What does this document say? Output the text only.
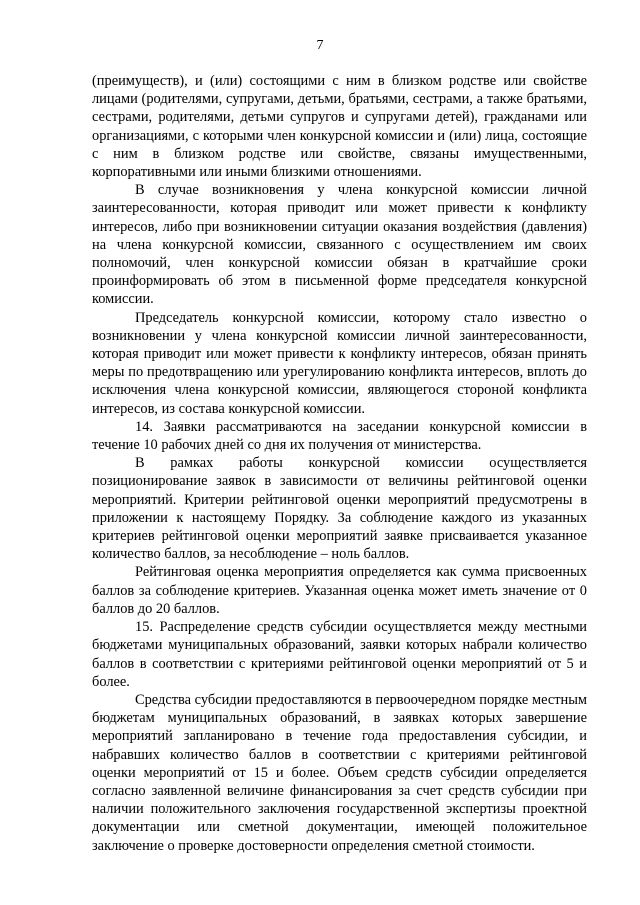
7

(преимуществ), и (или) состоящими с ним в близком родстве или свойстве лицами (родителями, супругами, детьми, братьями, сестрами, а также братьями, сестрами, родителями, детьми супругов и супругами детей), гражданами или организациями, с которыми член конкурсной комиссии и (или) лица, состоящие с ним в близком родстве или свойстве, связаны имущественными, корпоративными или иными близкими отношениями.

В случае возникновения у члена конкурсной комиссии личной заинтересованности, которая приводит или может привести к конфликту интересов, либо при возникновении ситуации оказания воздействия (давления) на члена конкурсной комиссии, связанного с осуществлением им своих полномочий, член конкурсной комиссии обязан в кратчайшие сроки проинформировать об этом в письменной форме председателя конкурсной комиссии.

Председатель конкурсной комиссии, которому стало известно о возникновении у члена конкурсной комиссии личной заинтересованности, которая приводит или может привести к конфликту интересов, обязан принять меры по предотвращению или урегулированию конфликта интересов, вплоть до исключения члена конкурсной комиссии, являющегося стороной конфликта интересов, из состава конкурсной комиссии.

14. Заявки рассматриваются на заседании конкурсной комиссии в течение 10 рабочих дней со дня их получения от министерства.

В рамках работы конкурсной комиссии осуществляется позиционирование заявок в зависимости от величины рейтинговой оценки мероприятий. Критерии рейтинговой оценки мероприятий предусмотрены в приложении к настоящему Порядку. За соблюдение каждого из указанных критериев рейтинговой оценки мероприятий заявке присваивается указанное количество баллов, за несоблюдение – ноль баллов.

Рейтинговая оценка мероприятия определяется как сумма присвоенных баллов за соблюдение критериев. Указанная оценка может иметь значение от 0 баллов до 20 баллов.

15. Распределение средств субсидии осуществляется между местными бюджетами муниципальных образований, заявки которых набрали количество баллов в соответствии с критериями рейтинговой оценки мероприятий от 5 и более.

Средства субсидии предоставляются в первоочередном порядке местным бюджетам муниципальных образований, в заявках которых завершение мероприятий запланировано в течение года предоставления субсидии, и набравших количество баллов в соответствии с критериями рейтинговой оценки мероприятий от 15 и более. Объем средств субсидии определяется согласно заявленной величине финансирования за счет средств субсидии при наличии положительного заключения государственной экспертизы проектной документации или сметной документации, имеющей положительное заключение о проверке достоверности определения сметной стоимости.
